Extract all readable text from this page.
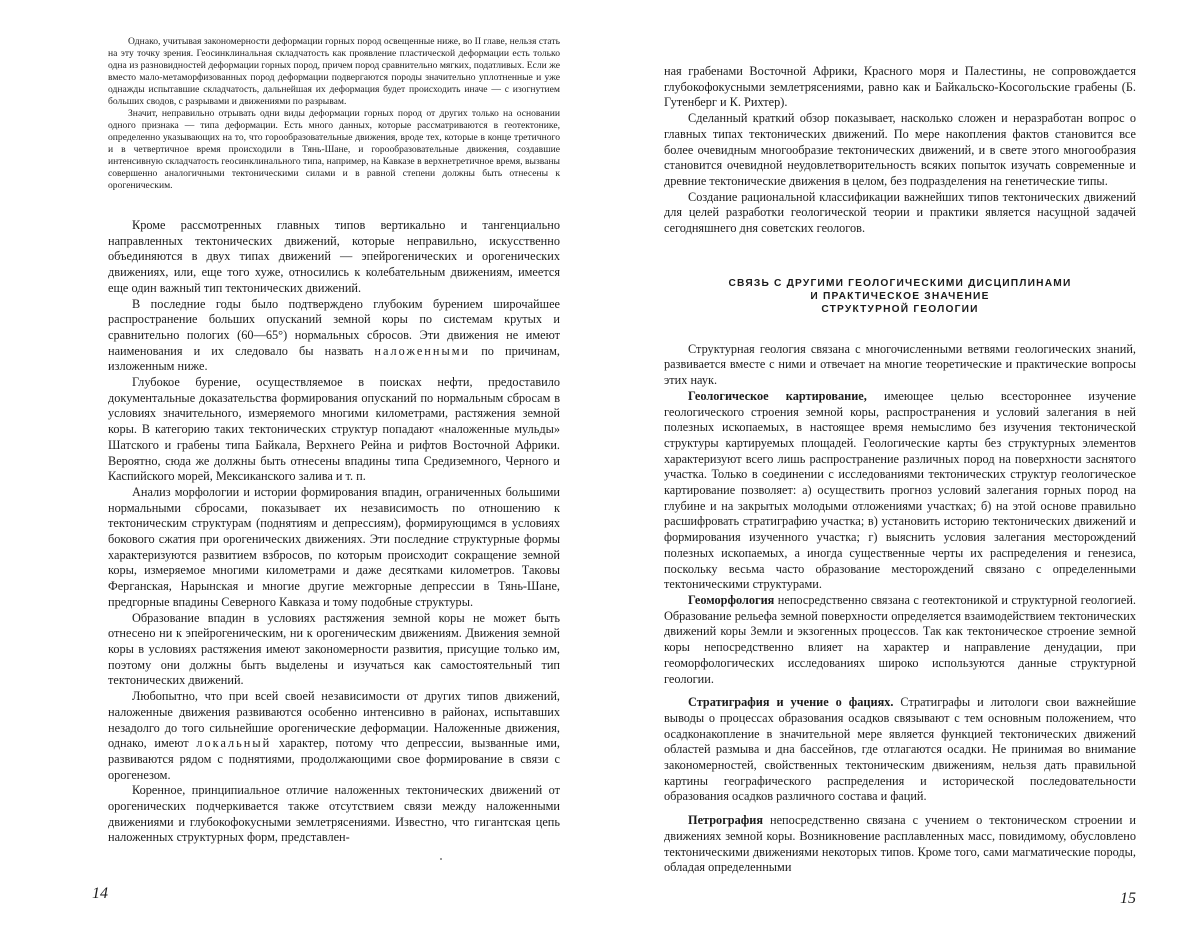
Однако, учитывая закономерности деформации горных пород освещенные ниже, во II главе, нельзя стать на эту точку зрения. Геосинклинальная складчатость как проявление пластической деформации есть только одна из разновидностей деформации горных пород, причем пород сравнительно мягких, податливых. Если же вместо мало-метаморфизованных пород деформации подвергаются породы значительно уплотненные и уже однажды испытавшие складчатость, дальнейшая их деформация будет происходить иначе — с изогнутием больших сводов, с разрывами и движениями по разрывам.

Значит, неправильно отрывать одни виды деформации горных пород от других только на основании одного признака — типа деформации. Есть много данных, которые рассматриваются в геотектонике, определенно указывающих на то, что горообразовательные движения, вроде тех, которые в конце третичного и в четвертичное время происходили в Тянь-Шане, и горообразовательные движения, создавшие интенсивную складчатость геосинклинального типа, например, на Кавказе в верхнетретичное время, вызваны совершенно аналогичными тектоническими силами и в равной степени должны быть отнесены к орогеническим.

Кроме рассмотренных главных типов вертикально и тангенциально направленных тектонических движений, которые неправильно, искусственно объединяются в двух типах движений — эпейрогенических и орогенических движениях, или, еще того хуже, относились к колебательным движениям, имеется еще один важный тип тектонических движений.

В последние годы было подтверждено глубоким бурением широчайшее распространение больших опусканий земной коры по системам крутых и сравнительно пологих (60—65°) нормальных сбросов. Эти движения не имеют наименования и их следовало бы назвать наложенными по причинам, изложенным ниже.

Глубокое бурение, осуществляемое в поисках нефти, предоставило документальные доказательства формирования опусканий по нормальным сбросам в условиях значительного, измеряемого многими километрами, растяжения земной коры. В категорию таких тектонических структур попадают «наложенные мульды» Шатского и грабены типа Байкала, Верхнего Рейна и рифтов Восточной Африки. Вероятно, сюда же должны быть отнесены впадины типа Средиземного, Черного и Каспийского морей, Мексиканского залива и т. п.

Анализ морфологии и истории формирования впадин, ограниченных большими нормальными сбросами, показывает их независимость по отношению к тектоническим структурам (поднятиям и депрессиям), формирующимся в условиях бокового сжатия при орогенических движениях. Эти последние структурные формы характеризуются развитием взбросов, по которым происходит сокращение земной коры, измеряемое многими километрами и даже десятками километров. Таковы Ферганская, Нарынская и многие другие межгорные депрессии в Тянь-Шане, предгорные впадины Северного Кавказа и тому подобные структуры.

Образование впадин в условиях растяжения земной коры не может быть отнесено ни к эпейрогеническим, ни к орогеническим движениям. Движения земной коры в условиях растяжения имеют закономерности развития, присущие только им, поэтому они должны быть выделены и изучаться как самостоятельный тип тектонических движений.

Любопытно, что при всей своей независимости от других типов движений, наложенные движения развиваются особенно интенсивно в районах, испытавших незадолго до того сильнейшие орогенические деформации. Наложенные движения, однако, имеют локальный характер, потому что депрессии, вызванные ими, развиваются рядом с поднятиями, продолжающими свое формирование в связи с орогенезом.

Коренное, принципиальное отличие наложенных тектонических движений от орогенических подчеркивается также отсутствием связи между наложенными движениями и глубокофокусными землетрясениями. Известно, что гигантская цепь наложенных структурных форм, представлен-

14

ная грабенами Восточной Африки, Красного моря и Палестины, не сопровождается глубокофокусными землетрясениями, равно как и Байкальско-Косогольские грабены (Б. Гутенберг и К. Рихтер).

Сделанный краткий обзор показывает, насколько сложен и неразработан вопрос о главных типах тектонических движений. По мере накопления фактов становится все более очевидным многообразие тектонических движений, и в свете этого многообразия становится очевидной неудовлетворительность всяких попыток изучать современные и древние тектонические движения в целом, без подразделения на генетические типы.

Создание рациональной классификации важнейших типов тектонических движений для целей разработки геологической теории и практики является насущной задачей сегодняшнего дня советских геологов.

СВЯЗЬ С ДРУГИМИ ГЕОЛОГИЧЕСКИМИ ДИСЦИПЛИНАМИ
И ПРАКТИЧЕСКОЕ ЗНАЧЕНИЕ
СТРУКТУРНОЙ ГЕОЛОГИИ

Структурная геология связана с многочисленными ветвями геологических знаний, развивается вместе с ними и отвечает на многие теоретические и практические вопросы этих наук.

Геологическое картирование, имеющее целью всестороннее изучение геологического строения земной коры, распространения и условий залегания в ней полезных ископаемых, в настоящее время немыслимо без изучения тектонической структуры картируемых площадей. Геологические карты без структурных элементов характеризуют всего лишь распространение различных пород на поверхности заснятого участка. Только в соединении с исследованиями тектонических структур геологическое картирование позволяет: а) осуществить прогноз условий залегания горных пород на глубине и на закрытых молодыми отложениями участках; б) на этой основе правильно расшифровать стратиграфию участка; в) установить историю тектонических движений и формирования изученного участка; г) выяснить условия залегания месторождений полезных ископаемых, а иногда существенные черты их распределения и генезиса, поскольку весьма часто образование месторождений связано с определенными тектоническими структурами.

Геоморфология непосредственно связана с геотектоникой и структурной геологией. Образование рельефа земной поверхности определяется взаимодействием тектонических движений коры Земли и экзогенных процессов. Так как тектоническое строение земной коры непосредственно влияет на характер и направление денудации, при геоморфологических исследованиях широко используются данные структурной геологии.

Стратиграфия и учение о фациях. Стратиграфы и литологи свои важнейшие выводы о процессах образования осадков связывают с тем основным положением, что осадконакопление в значительной мере является функцией тектонических движений областей размыва и дна бассейнов, где отлагаются осадки. Не принимая во внимание закономерностей, свойственных тектоническим движениям, нельзя дать правильной картины географического распределения и исторической последовательности образования осадков различного состава и фаций.

Петрография непосредственно связана с учением о тектоническом строении и движениях земной коры. Возникновение расплавленных масс, повидимому, обусловлено тектоническими движениями некоторых типов. Кроме того, сами магматические породы, обладая определенными

15
